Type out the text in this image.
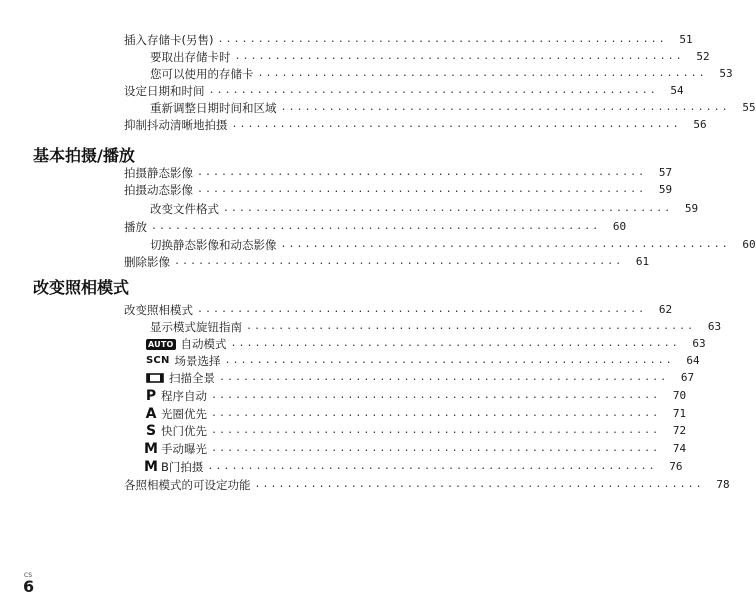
插入存储卡(另售) ........................................................	51
要取出存储卡时 ........................................................	52
您可以使用的存储卡 ........................................................	53
设定日期和时间 ........................................................	54
重新调整日期时间和区域 ........................................................	55
抑制抖动清晰地拍摄 ........................................................	56
基本拍摄/播放
拍摄静态影像 ........................................................	57
拍摄动态影像 ........................................................	59
改变文件格式 ........................................................	59
播放 ........................................................	60
切换静态影像和动态影像 ........................................................	60
删除影像 ........................................................	61
改变照相模式
改变照相模式 ........................................................	62
显示模式旋钮指南 ........................................................	63
AUTO 自动模式 ........................................................	63
SCN 场景选择 ........................................................	64
扫描全景 ........................................................	67
P 程序自动 ........................................................	70
A 光圈优先 ........................................................	71
S 快门优先 ........................................................	72
M 手动曝光 ........................................................	74
M B门拍摄 ........................................................	76
各照相模式的可设定功能 ........................................................	78
CS
6
